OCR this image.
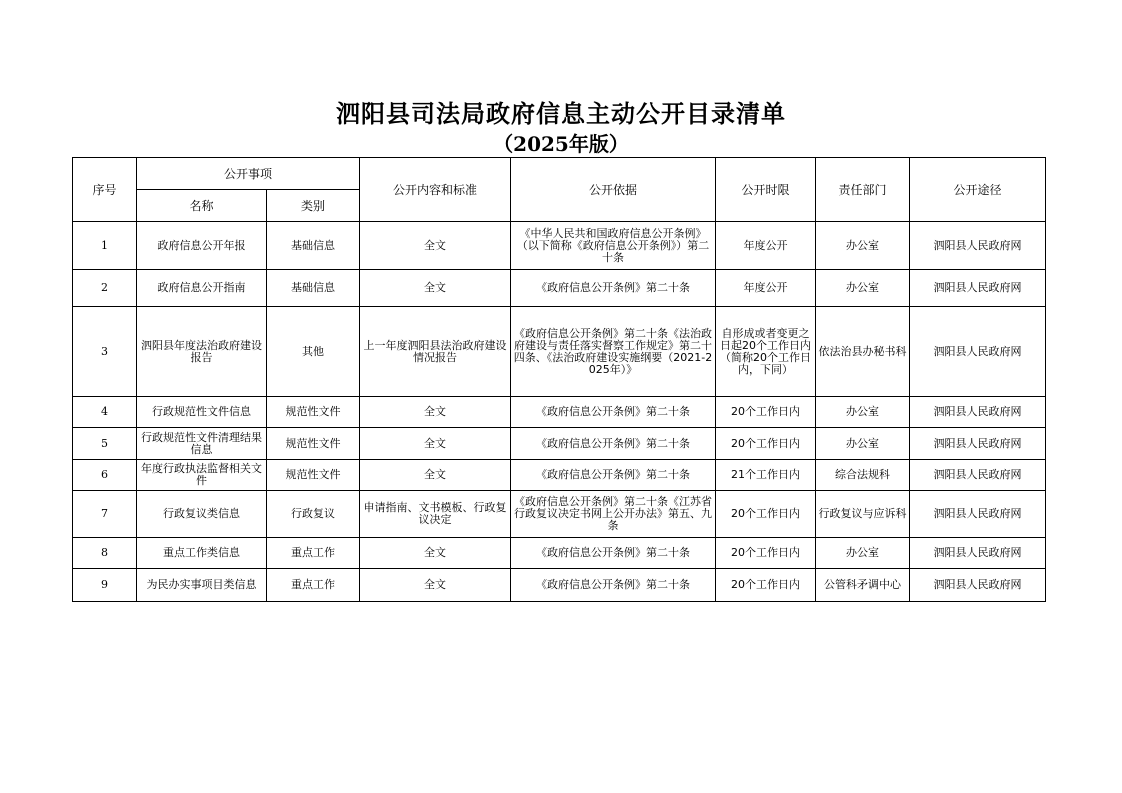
泗阳县司法局政府信息主动公开目录清单
（2025年版）
序号	公开事项		公开内容和标准	公开依据	公开时限	责任部门	公开途径
	名称	类别					
1	政府信息公开年报	基础信息	全文	《中华人民共和国政府信息公开条例》（以下简称《政府信息公开条例》）第二十条	年度公开	办公室	泗阳县人民政府网
2	政府信息公开指南	基础信息	全文	《政府信息公开条例》第二十条	年度公开	办公室	泗阳县人民政府网
3	泗阳县年度法治政府建设报告	其他	上一年度泗阳县法治政府建设情况报告	《政府信息公开条例》第二十条《法治政府建设与责任落实督察工作规定》第二十四条、《法治政府建设实施纲要（2021-2025年）》	自形成或者变更之日起20个工作日内（简称20个工作日内，下同）	依法治县办秘书科	泗阳县人民政府网
4	行政规范性文件信息	规范性文件	全文	《政府信息公开条例》第二十条	20个工作日内	办公室	泗阳县人民政府网
5	行政规范性文件清理结果信息	规范性文件	全文	《政府信息公开条例》第二十条	20个工作日内	办公室	泗阳县人民政府网
6	年度行政执法监督相关文件	规范性文件	全文	《政府信息公开条例》第二十条	21个工作日内	综合法规科	泗阳县人民政府网
7	行政复议类信息	行政复议	申请指南、文书模板、行政复议决定	《政府信息公开条例》第二十条《江苏省行政复议决定书网上公开办法》第五、九条	20个工作日内	行政复议与应诉科	泗阳县人民政府网
8	重点工作类信息	重点工作	全文	《政府信息公开条例》第二十条	20个工作日内	办公室	泗阳县人民政府网
9	为民办实事项目类信息	重点工作	全文	《政府信息公开条例》第二十条	20个工作日内	公管科矛调中心	泗阳县人民政府网
